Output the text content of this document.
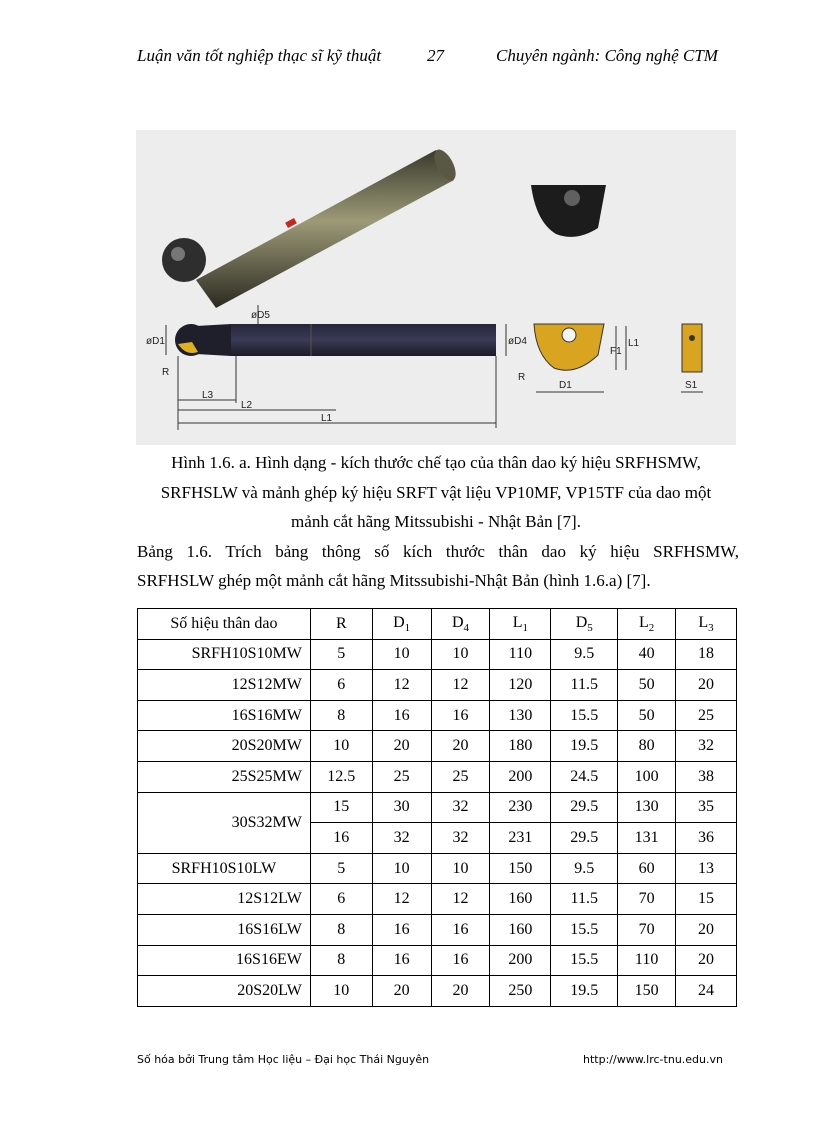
Luận văn tốt nghiệp thạc sĩ kỹ thuật	27	Chuyên ngành: Công nghệ CTM
øD1
øD5
øD4
R
L3
L2
L1
R
D1
F1
L1
S1
Hình 1.6. a. Hình dạng - kích thước chế tạo của thân dao ký hiệu SRFHSMW,
SRFHSLW và mảnh ghép ký hiệu SRFT vật liệu VP10MF, VP15TF của dao một
mảnh cắt hãng Mitssubishi - Nhật Bản [7].
Bảng 1.6. Trích bảng thông số kích thước thân dao ký hiệu SRFHSMW,
SRFHSLW ghép một mảnh cắt hãng Mitssubishi-Nhật Bản (hình 1.6.a) [7].
Số hiệu thân dao	R	$D_1$	$D_4$	$L_1$	$D_5$	$L_2$	$L_3$
SRFH10S10MW	5	10	10	110	9.5	40	18
12S12MW	6	12	12	120	11.5	50	20
16S16MW	8	16	16	130	15.5	50	25
20S20MW	10	20	20	180	19.5	80	32
25S25MW	12.5	25	25	200	24.5	100	38
30S32MW	15	30	32	230	29.5	130	35
	16	32	32	231	29.5	131	36
SRFH10S10LW	5	10	10	150	9.5	60	13
12S12LW	6	12	12	160	11.5	70	15
16S16LW	8	16	16	160	15.5	70	20
16S16EW	8	16	16	200	15.5	110	20
20S20LW	10	20	20	250	19.5	150	24
Số hóa bởi Trung tâm Học liệu – Đại học Thái Nguyên	http://www.lrc-tnu.edu.vn
